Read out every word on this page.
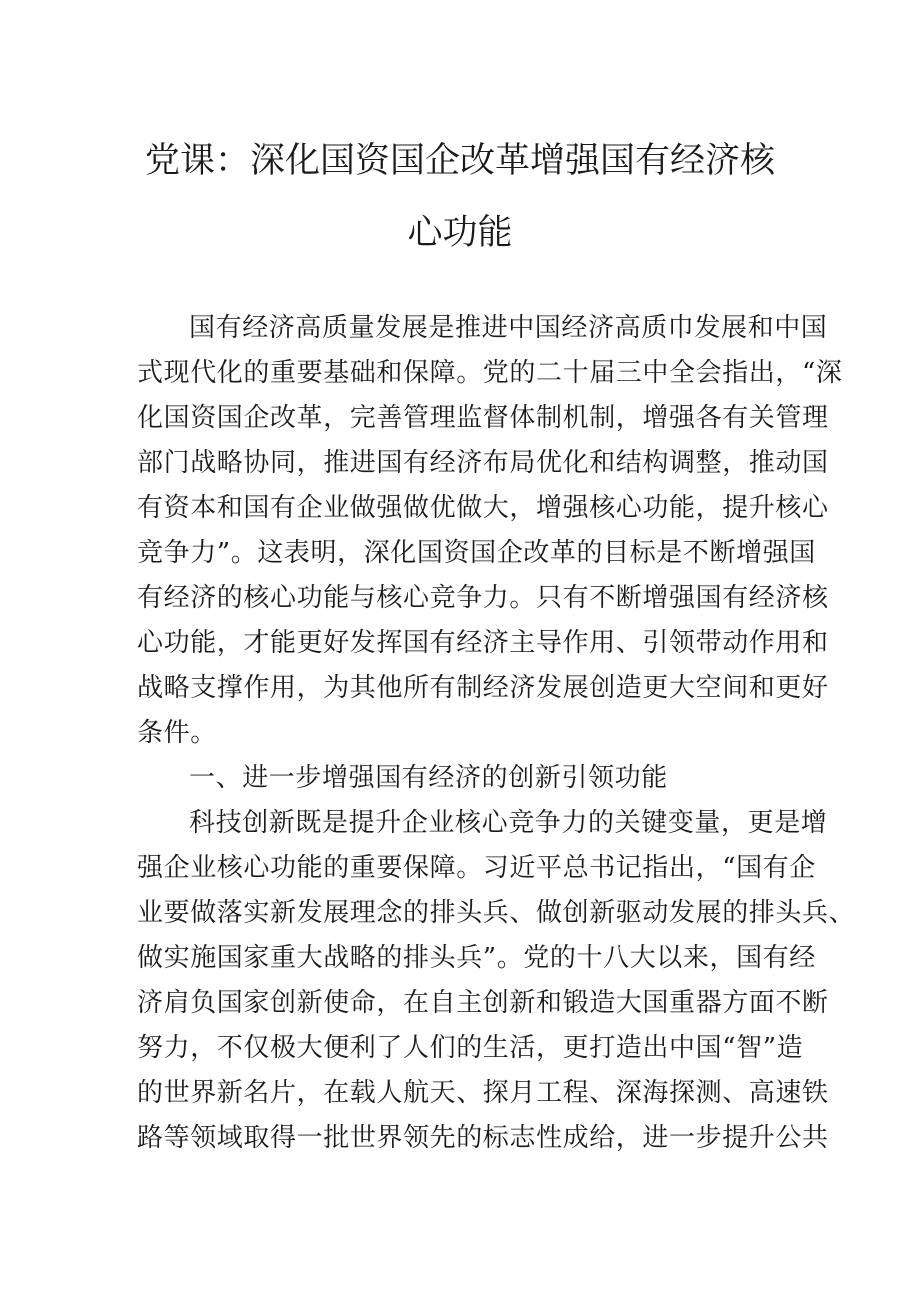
党课：深化国资国企改革增强国有经济核
心功能
国有经济高质量发展是推进中国经济高质巾发展和中国
式现代化的重要基础和保障。党的二十届三中全会指出，“深
化国资国企改革，完善管理监督体制机制，增强各有关管理
部门战略协同，推进国有经济布局优化和结构调整，推动国
有资本和国有企业做强做优做大，增强核心功能，提升核心
竞争力”。这表明，深化国资国企改革的目标是不断增强国
有经济的核心功能与核心竞争力。只有不断增强国有经济核
心功能，才能更好发挥国有经济主导作用、引领带动作用和
战略支撑作用，为其他所有制经济发展创造更大空间和更好
条件。
一、进一步增强国有经济的创新引领功能
科技创新既是提升企业核心竞争力的关键变量，更是增
强企业核心功能的重要保障。习近平总书记指出，“国有企
业要做落实新发展理念的排头兵、做创新驱动发展的排头兵、
做实施国家重大战略的排头兵”。党的十八大以来，国有经
济肩负国家创新使命，在自主创新和锻造大国重器方面不断
努力，不仅极大便利了人们的生活，更打造出中国“智”造
的世界新名片，在载人航天、探月工程、深海探测、高速铁
路等领域取得一批世界领先的标志性成给，进一步提升公共
